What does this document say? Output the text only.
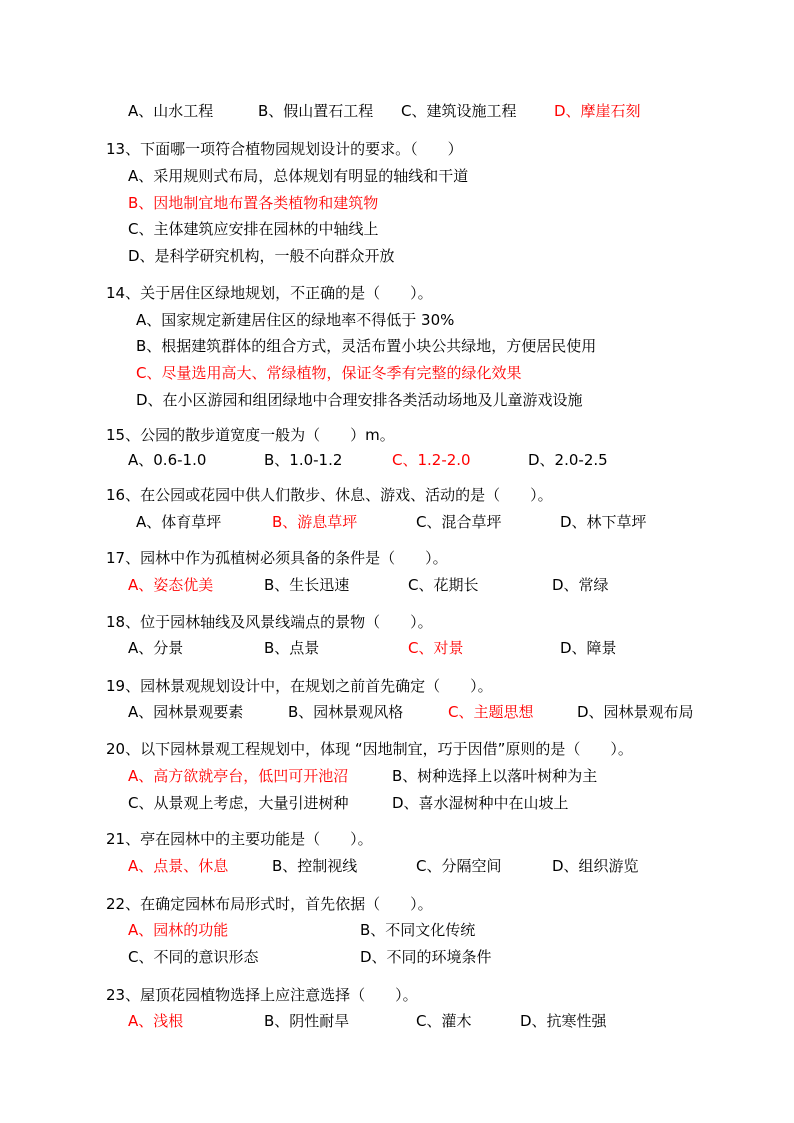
A、山水工程	B、假山置石工程 C、建筑设施工程	D、摩崖石刻
13、下面哪一项符合植物园规划设计的要求。（　　）
A、采用规则式布局，总体规划有明显的轴线和干道
B、因地制宜地布置各类植物和建筑物
C、主体建筑应安排在园林的中轴线上
D、是科学研究机构，一般不向群众开放
14、关于居住区绿地规划，不正确的是（　　）。
A、国家规定新建居住区的绿地率不得低于 30%
B、根据建筑群体的组合方式，灵活布置小块公共绿地，方便居民使用
C、尽量选用高大、常绿植物，保证冬季有完整的绿化效果
D、在小区游园和组团绿地中合理安排各类活动场地及儿童游戏设施
15、公园的散步道宽度一般为（　　）m。
A、0.6-1.0	B、1.0-1.2	C、1.2-2.0	D、2.0-2.5
16、在公园或花园中供人们散步、休息、游戏、活动的是（　　）。
A、体育草坪	B、游息草坪	C、混合草坪	D、林下草坪
17、园林中作为孤植树必须具备的条件是（　　）。
A、姿态优美	B、生长迅速	C、花期长	D、常绿
18、位于园林轴线及风景线端点的景物（　　）。
A、分景	B、点景	C、对景	D、障景
19、园林景观规划设计中，在规划之前首先确定（　　）。
A、园林景观要素	B、园林景观风格	C、主题思想	D、园林景观布局
20、以下园林景观工程规划中，体现 “因地制宜，巧于因借”原则的是（　　）。
A、高方欲就亭台，低凹可开池沼	B、树种选择上以落叶树种为主
C、从景观上考虑，大量引进树种	D、喜水湿树种中在山坡上
21、亭在园林中的主要功能是（　　）。
A、点景、休息	B、控制视线	C、分隔空间	D、组织游览
22、在确定园林布局形式时，首先依据（　　）。
A、园林的功能	B、不同文化传统
C、不同的意识形态	D、不同的环境条件
23、屋顶花园植物选择上应注意选择（　　）。
A、浅根	B、阴性耐旱	C、灌木	D、抗寒性强
